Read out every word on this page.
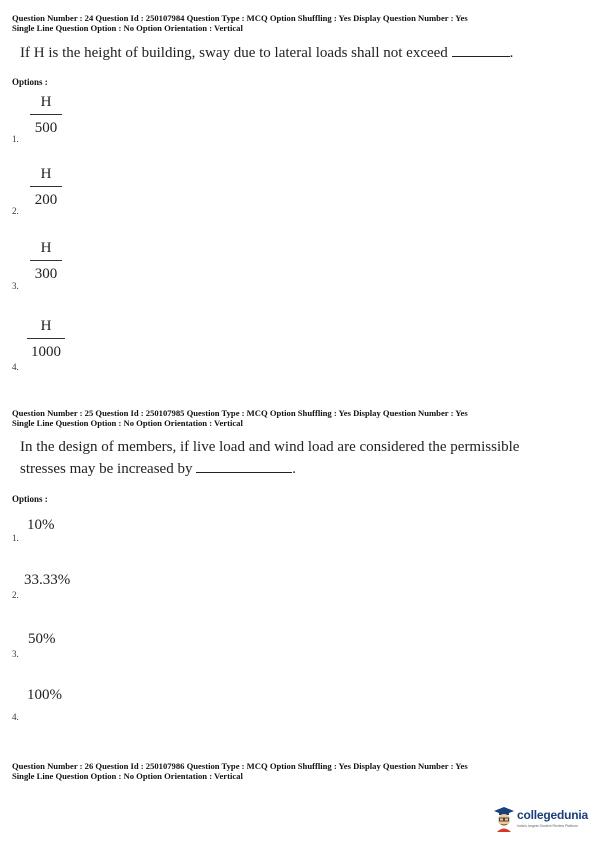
Question Number : 24 Question Id : 250107984 Question Type : MCQ Option Shuffling : Yes Display Question Number : Yes
Single Line Question Option : No Option Orientation : Vertical
If H is the height of building, sway due to lateral loads shall not exceed	.
Options :
H
500
1.
H
200
2.
H
300
3.
H
1000
4.
Question Number : 25 Question Id : 250107985 Question Type : MCQ Option Shuffling : Yes Display Question Number : Yes
Single Line Question Option : No Option Orientation : Vertical
In the design of members, if live load and wind load are considered the permissible
stresses may be increased by	.
Options :
10%
1.
33.33%
2.
50%
3.
100%
4.
Question Number : 26 Question Id : 250107986 Question Type : MCQ Option Shuffling : Yes Display Question Number : Yes
Single Line Question Option : No Option Orientation : Vertical
collegedunia
India's largest Student Review Platform
